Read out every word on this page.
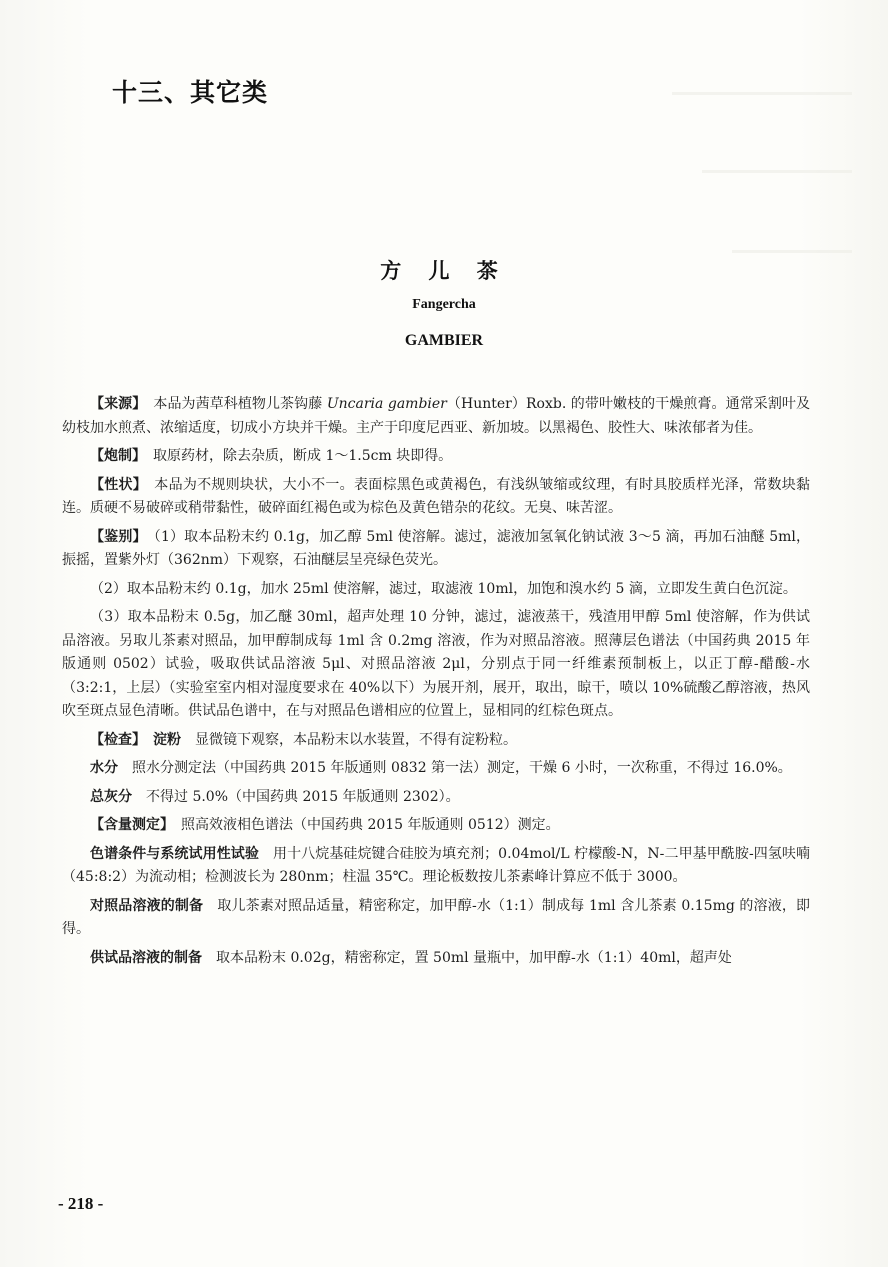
十三、其它类
方 儿 茶
Fangercha
GAMBIER

【来源】　本品为茜草科植物儿茶钩藤 Uncaria gambier（Hunter）Roxb. 的带叶嫩枝的干燥煎膏。通常采割叶及幼枝加水煎煮、浓缩适度，切成小方块并干燥。主产于印度尼西亚、新加坡。以黑褐色、胶性大、味浓郁者为佳。

【炮制】　取原药材，除去杂质，断成 1～1.5cm 块即得。

【性状】　本品为不规则块状，大小不一。表面棕黑色或黄褐色，有浅纵皱缩或纹理，有时具胶质样光泽，常数块黏连。质硬不易破碎或稍带黏性，破碎面红褐色或为棕色及黄色错杂的花纹。无臭、味苦涩。

【鉴别】　（1）取本品粉末约 0.1g，加乙醇 5ml 使溶解。滤过，滤液加氢氧化钠试液 3～5 滴，再加石油醚 5ml，振摇，置紫外灯（362nm）下观察，石油醚层呈亮绿色荧光。

（2）取本品粉末约 0.1g，加水 25ml 使溶解，滤过，取滤液 10ml，加饱和溴水约 5 滴，立即发生黄白色沉淀。

（3）取本品粉末 0.5g，加乙醚 30ml，超声处理 10 分钟，滤过，滤液蒸干，残渣用甲醇 5ml 使溶解，作为供试品溶液。另取儿茶素对照品，加甲醇制成每 1ml 含 0.2mg 溶液，作为对照品溶液。照薄层色谱法（中国药典 2015 年版通则 0502）试验，吸取供试品溶液 5μl、对照品溶液 2μl，分别点于同一纤维素预制板上，以正丁醇-醋酸-水（3:2:1，上层）（实验室室内相对湿度要求在 40%以下）为展开剂，展开，取出，晾干，喷以 10%硫酸乙醇溶液，热风吹至斑点显色清晰。供试品色谱中，在与对照品色谱相应的位置上，显相同的红棕色斑点。

【检查】　淀粉　显微镜下观察，本品粉末以水装置，不得有淀粉粒。

水分　照水分测定法（中国药典 2015 年版通则 0832 第一法）测定，干燥 6 小时，一次称重，不得过 16.0%。

总灰分　不得过 5.0%（中国药典 2015 年版通则 2302）。

【含量测定】　照高效液相色谱法（中国药典 2015 年版通则 0512）测定。

色谱条件与系统试用性试验　用十八烷基硅烷键合硅胶为填充剂；0.04mol/L 柠檬酸-N，N-二甲基甲酰胺-四氢呋喃（45:8:2）为流动相；检测波长为 280nm；柱温 35℃。理论板数按儿茶素峰计算应不低于 3000。

对照品溶液的制备　取儿茶素对照品适量，精密称定，加甲醇-水（1:1）制成每 1ml 含儿茶素 0.15mg 的溶液，即得。

供试品溶液的制备　取本品粉末 0.02g，精密称定，置 50ml 量瓶中，加甲醇-水（1:1）40ml，超声处

- 218 -
